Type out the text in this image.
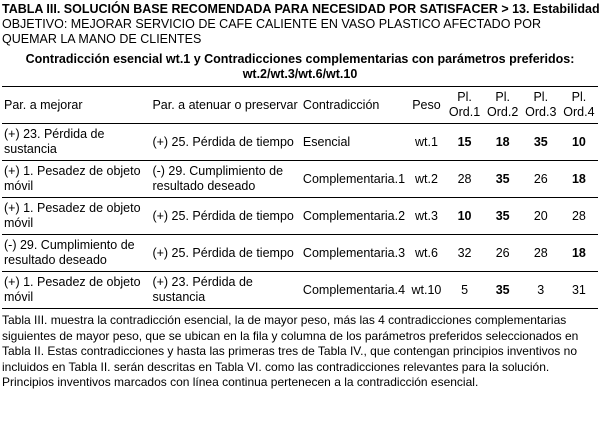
TABLA III. SOLUCIÓN BASE RECOMENDADA PARA NECESIDAD POR SATISFACER > 13. Estabilidad
OBJETIVO: MEJORAR SERVICIO DE CAFE CALIENTE EN VASO PLASTICO AFECTADO POR QUEMAR LA MANO DE CLIENTES
Contradicción esencial wt.1 y Contradicciones complementarias con parámetros preferidos:
wt.2/wt.3/wt.6/wt.10
Par. a mejorar	Par. a atenuar o preservar	Contradicción	Peso	Pl. Ord.1	Pl. Ord.2	Pl. Ord.3	Pl. Ord.4
(+) 23. Pérdida de sustancia	(+) 25. Pérdida de tiempo	Esencial	wt.1	15	18	35	10
(+) 1. Pesadez de objeto móvil	(-) 29. Cumplimiento de resultado deseado	Complementaria.1	wt.2	28	35	26	18
(+) 1. Pesadez de objeto móvil	(+) 25. Pérdida de tiempo	Complementaria.2	wt.3	10	35	20	28
(-) 29. Cumplimiento de resultado deseado	(+) 25. Pérdida de tiempo	Complementaria.3	wt.6	32	26	28	18
(+) 1. Pesadez de objeto móvil	(+) 23. Pérdida de sustancia	Complementaria.4	wt.10	5	35	3	31
Tabla III. muestra la contradicción esencial, la de mayor peso, más las 4 contradicciones complementarias siguientes de mayor peso, que se ubican en la fila y columna de los parámetros preferidos seleccionados en Tabla II. Estas contradicciones y hasta las primeras tres de Tabla IV., que contengan principios inventivos no incluidos en Tabla II. serán descritas en Tabla VI. como las contradicciones relevantes para la solución. Principios inventivos marcados con línea continua pertenecen a la contradicción esencial.
